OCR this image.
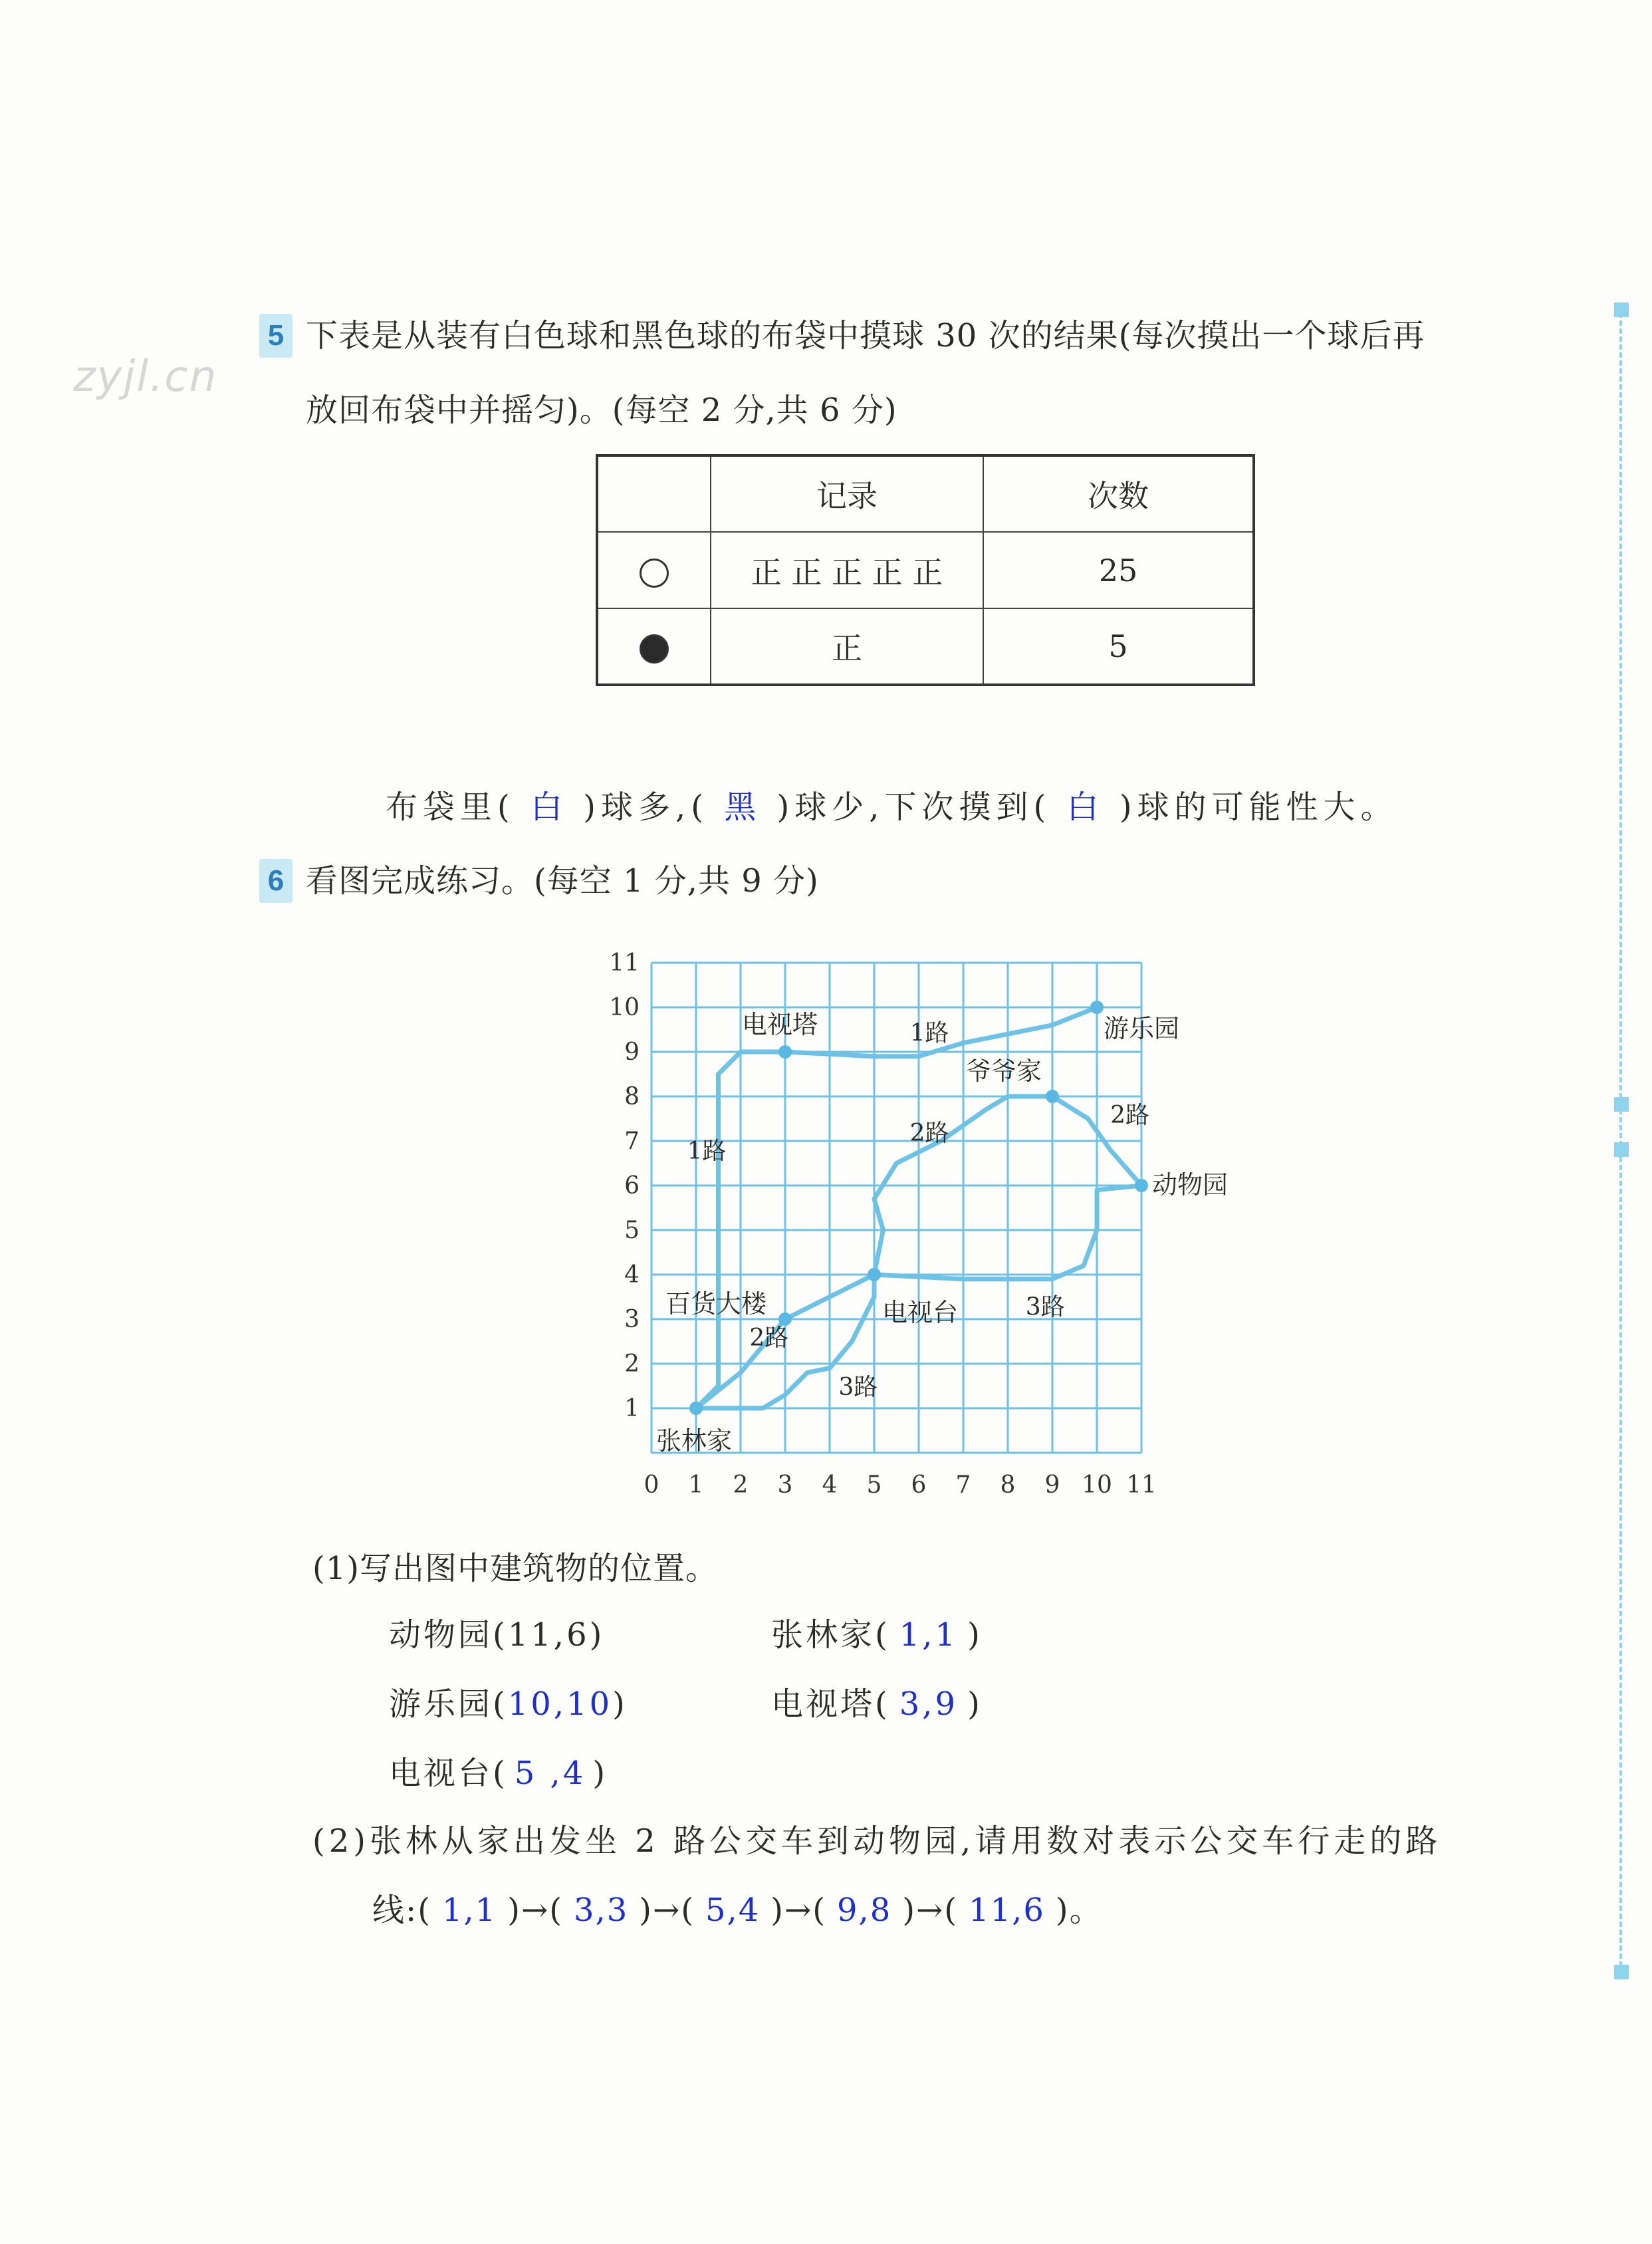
zyjl.cn
5 下表是从装有白色球和黑色球的布袋中摸球 30 次的结果(每次摸出一个球后再
放回布袋中并摇匀)。(每空 2 分,共 6 分)
	记录	次数
	正 正 正 正 正	25
	正	5
布袋里( 白 )球多,( 黑 )球少,下次摸到( 白 )球的可能性大。
6 看图完成练习。(每空 1 分,共 9 分)
0 1 2 3 4 5 6 7 8 9 10 11
1
2
3
4
5
6
7
8
9
10
11
电视塔	游乐园
爷爷家
动物园
百货大楼	电视台
张林家
1路
1路
2路
2路
2路
3路
3路
(1)写出图中建筑物的位置。
动物园(11,6)	张林家( 1,1 )
游乐园(10,10)	电视塔( 3,9 )
电视台( 5 ,4 )
(2)张林从家出发坐 2 路公交车到动物园,请用数对表示公交车行走的路
线:( 1,1 )→( 3,3 )→( 5,4 )→( 9,8 )→( 11,6 )。
